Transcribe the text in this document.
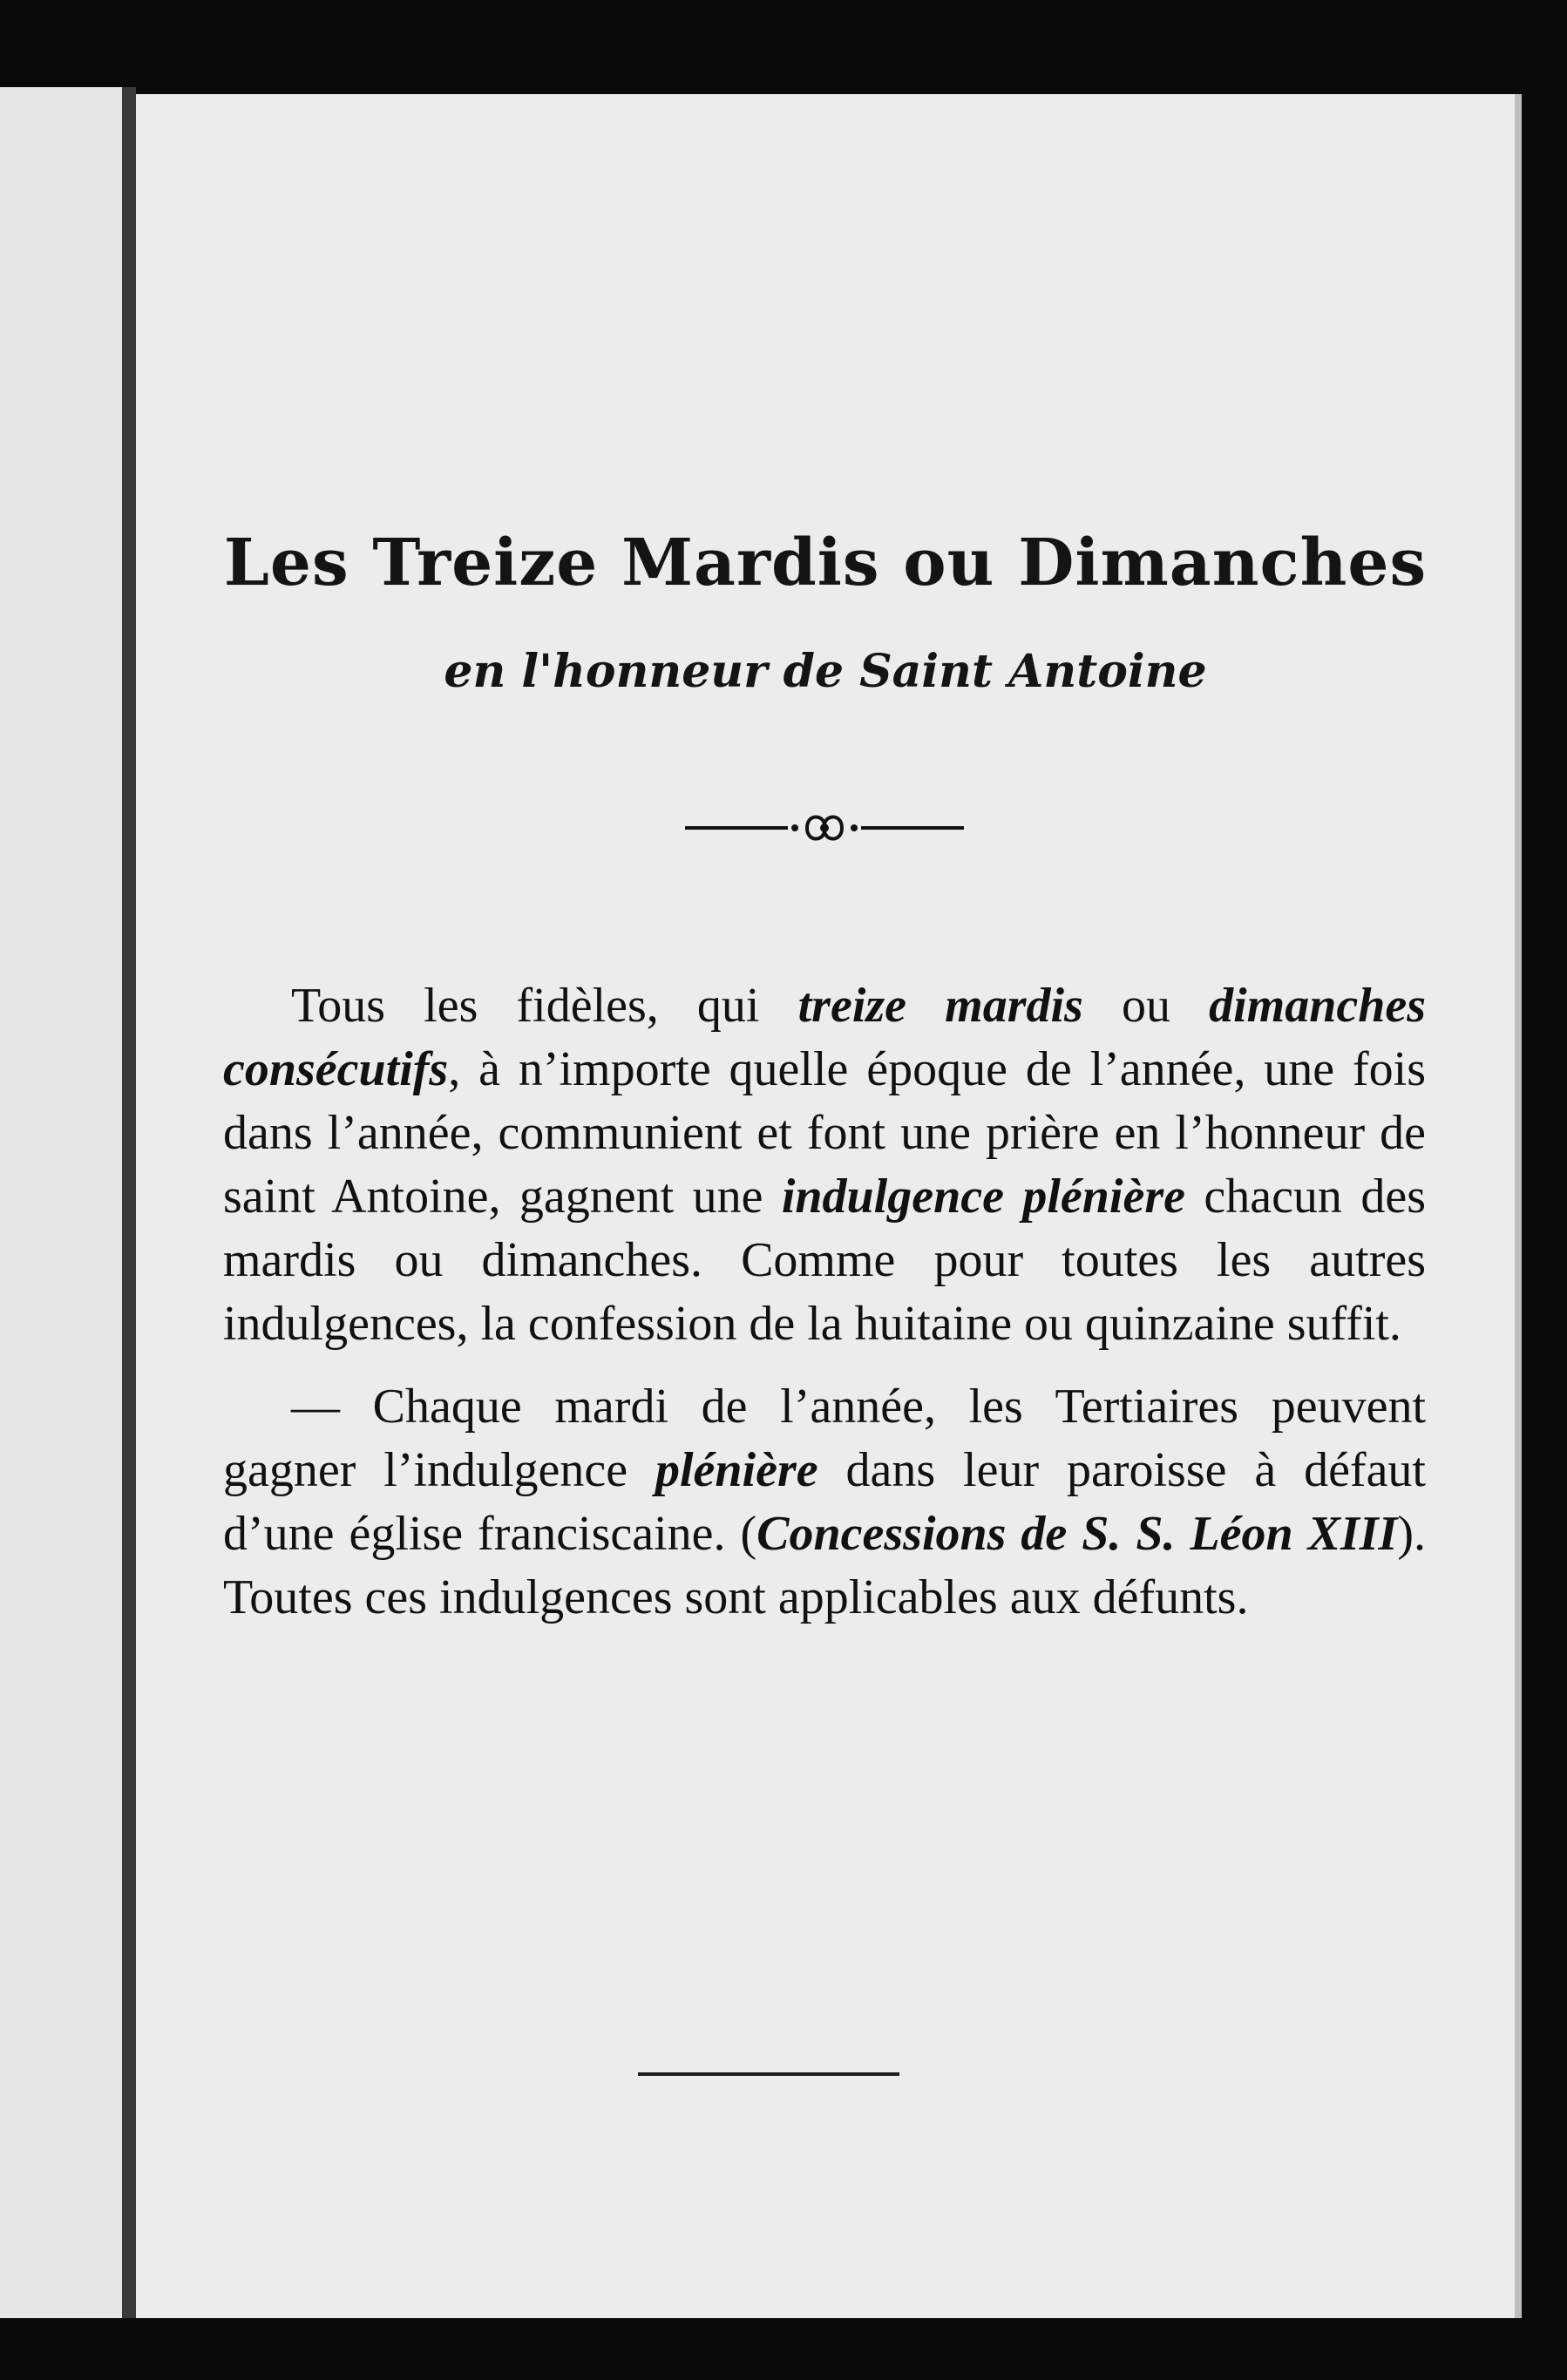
Les Treize Mardis ou Dimanches
en l'honneur de Saint Antoine

Tous les fidèles, qui treize mardis ou dimanches consécutifs, à n’importe quelle époque de l’année, une fois dans l’année, communient et font une prière en l’honneur de saint Antoine, gagnent une indulgence plénière chacun des mardis ou dimanches. Comme pour toutes les autres indulgences, la confession de la huitaine ou quinzaine suffit.

— Chaque mardi de l’année, les Tertiaires peuvent gagner l’indulgence plénière dans leur paroisse à défaut d’une église franciscaine. (Concessions de S. S. Léon XIII). Toutes ces indulgences sont applicables aux défunts.
